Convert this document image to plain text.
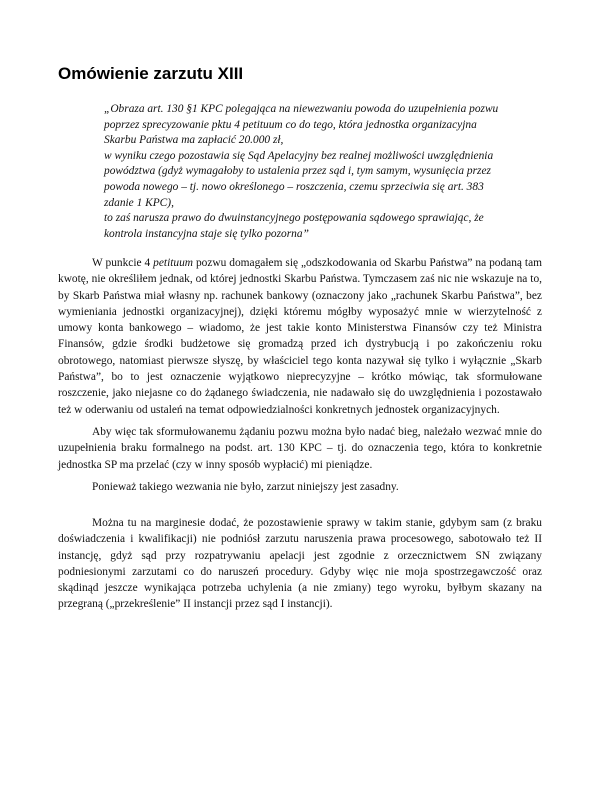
Omówienie zarzutu XIII

„Obraza art. 130 §1 KPC polegająca na niewezwaniu powoda do uzupełnienia pozwu poprzez sprecyzowanie pktu 4 petituum co do tego, która jednostka organizacyjna Skarbu Państwa ma zapłacić 20.000 zł,

w wyniku czego pozostawia się Sąd Apelacyjny bez realnej możliwości uwzględnienia powództwa (gdyż wymagałoby to ustalenia przez sąd i, tym samym, wysunięcia przez powoda nowego – tj. nowo określonego – roszczenia, czemu sprzeciwia się art. 383 zdanie 1 KPC),

to zaś narusza prawo do dwuinstancyjnego postępowania sądowego sprawiając, że kontrola instancyjna staje się tylko pozorna”

W punkcie 4 petituum pozwu domagałem się „odszkodowania od Skarbu Państwa” na podaną tam kwotę, nie określiłem jednak, od której jednostki Skarbu Państwa. Tymczasem zaś nic nie wskazuje na to, by Skarb Państwa miał własny np. rachunek bankowy (oznaczony jako „rachunek Skarbu Państwa”, bez wymieniania jednostki organizacyjnej), dzięki któremu mógłby wyposażyć mnie w wierzytelność z umowy konta bankowego – wiadomo, że jest takie konto Ministerstwa Finansów czy też Ministra Finansów, gdzie środki budżetowe się gromadzą przed ich dystrybucją i po zakończeniu roku obrotowego, natomiast pierwsze słyszę, by właściciel tego konta nazywał się tylko i wyłącznie „Skarb Państwa”, bo to jest oznaczenie wyjątkowo nieprecyzyjne – krótko mówiąc, tak sformułowane roszczenie, jako niejasne co do żądanego świadczenia, nie nadawało się do uwzględnienia i pozostawało też w oderwaniu od ustaleń na temat odpowiedzialności konkretnych jednostek organizacyjnych.

Aby więc tak sformułowanemu żądaniu pozwu można było nadać bieg, należało wezwać mnie do uzupełnienia braku formalnego na podst. art. 130 KPC – tj. do oznaczenia tego, która to konkretnie jednostka SP ma przelać (czy w inny sposób wypłacić) mi pieniądze.

Ponieważ takiego wezwania nie było, zarzut niniejszy jest zasadny.

Można tu na marginesie dodać, że pozostawienie sprawy w takim stanie, gdybym sam (z braku doświadczenia i kwalifikacji) nie podniósł zarzutu naruszenia prawa procesowego, sabotowało też II instancję, gdyż sąd przy rozpatrywaniu apelacji jest zgodnie z orzecznictwem SN związany podniesionymi zarzutami co do naruszeń procedury. Gdyby więc nie moja spostrzegawczość oraz skądinąd jeszcze wynikająca potrzeba uchylenia (a nie zmiany) tego wyroku, byłbym skazany na przegraną („przekreślenie” II instancji przez sąd I instancji).
